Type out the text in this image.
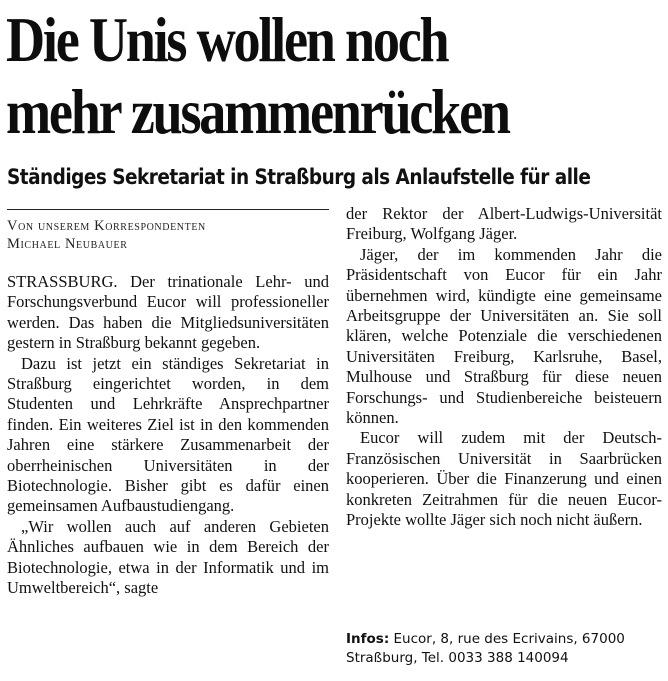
Die Unis wollen noch
mehr zusammenrücken
Ständiges Sekretariat in Straßburg als Anlaufstelle für alle
Von unserem Korrespondenten
Michael Neubauer

STRASSBURG. Der trinationale Lehr- und Forschungsverbund Eucor will professioneller werden. Das haben die Mitgliedsuniversitäten gestern in Straßburg bekannt gegeben.

Dazu ist jetzt ein ständiges Sekretariat in Straßburg eingerichtet worden, in dem Studenten und Lehrkräfte Ansprechpartner finden. Ein weiteres Ziel ist in den kommenden Jahren eine stärkere Zusammenarbeit der oberrheinischen Universitäten in der Biotechnologie. Bisher gibt es dafür einen gemeinsamen Aufbaustudiengang.

„Wir wollen auch auf anderen Gebieten Ähnliches aufbauen wie in dem Bereich der Biotechnologie, etwa in der Informatik und im Umweltbereich“, sagte

der Rektor der Albert-Ludwigs-Universität Freiburg, Wolfgang Jäger.

Jäger, der im kommenden Jahr die Präsidentschaft von Eucor für ein Jahr übernehmen wird, kündigte eine gemeinsame Arbeitsgruppe der Universitäten an. Sie soll klären, welche Potenziale die verschiedenen Universitäten Freiburg, Karlsruhe, Basel, Mulhouse und Straßburg für diese neuen Forschungs- und Studienbereiche beisteuern können.

Eucor will zudem mit der Deutsch-Französischen Universität in Saarbrücken kooperieren. Über die Finanzerung und einen konkreten Zeitrahmen für die neuen Eucor-Projekte wollte Jäger sich noch nicht äußern.

Infos: Eucor, 8, rue des Ecrivains, 67000
Straßburg, Tel. 0033 388 140094
